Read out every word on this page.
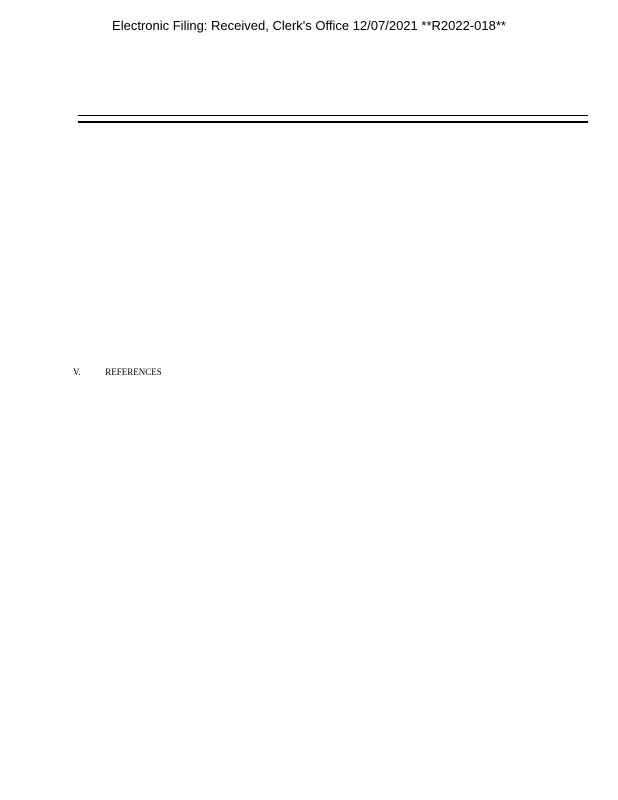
Electronic Filing: Received, Clerk's Office 12/07/2021 **R2022-018**

V.	REFERENCES
